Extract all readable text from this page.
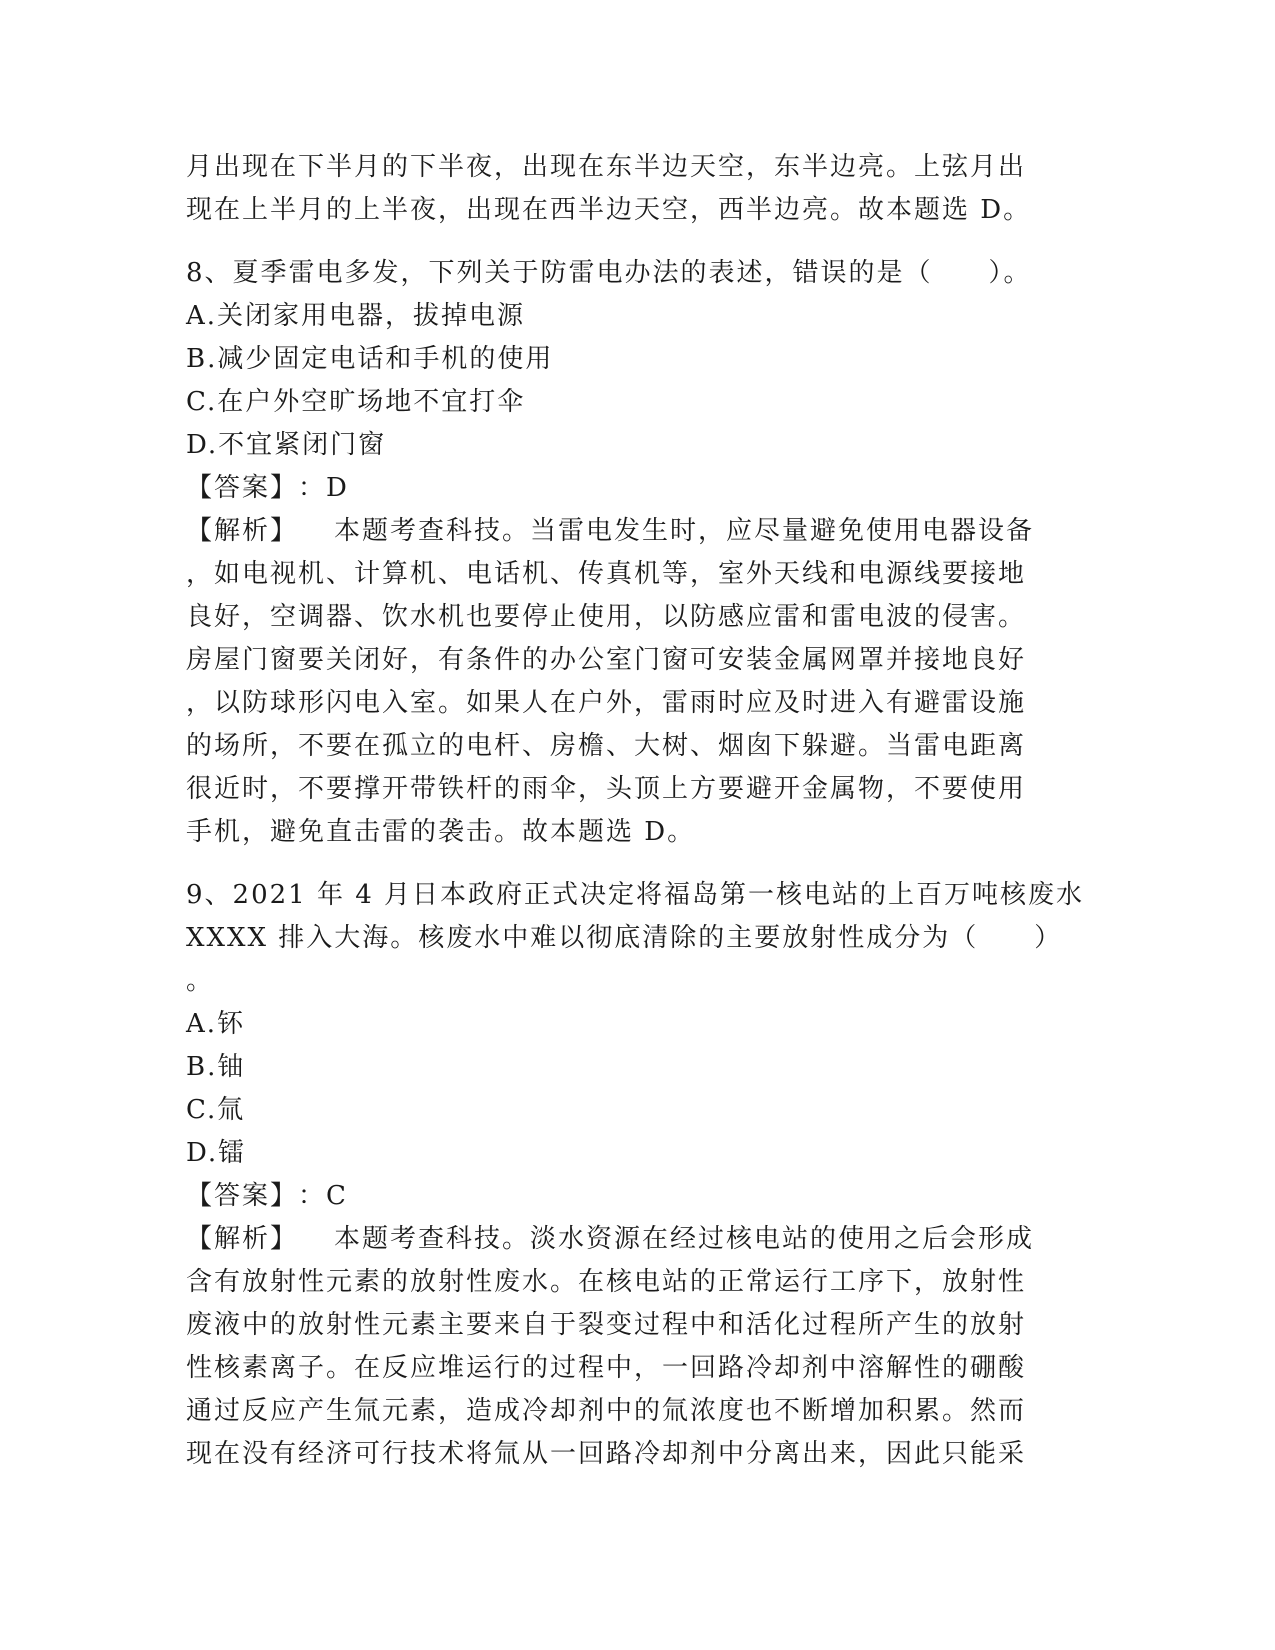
月出现在下半月的下半夜，出现在东半边天空，东半边亮。上弦月出

现在上半月的上半夜，出现在西半边天空，西半边亮。故本题选 D。

8、夏季雷电多发，下列关于防雷电办法的表述，错误的是（　　）。

A.关闭家用电器，拔掉电源

B.减少固定电话和手机的使用

C.在户外空旷场地不宜打伞

D.不宜紧闭门窗

【答案】：D

【解析】 本题考查科技。当雷电发生时，应尽量避免使用电器设备

，如电视机、计算机、电话机、传真机等，室外天线和电源线要接地

良好，空调器、饮水机也要停止使用，以防感应雷和雷电波的侵害。

房屋门窗要关闭好，有条件的办公室门窗可安装金属网罩并接地良好

，以防球形闪电入室。如果人在户外，雷雨时应及时进入有避雷设施

的场所，不要在孤立的电杆、房檐、大树、烟囱下躲避。当雷电距离

很近时，不要撑开带铁杆的雨伞，头顶上方要避开金属物，不要使用

手机，避免直击雷的袭击。故本题选 D。

9、2021 年 4 月日本政府正式决定将福岛第一核电站的上百万吨核废水

XXXX 排入大海。核废水中难以彻底清除的主要放射性成分为（　　）

。

A.钚

B.铀

C.氚

D.镭

【答案】：C

【解析】 本题考查科技。淡水资源在经过核电站的使用之后会形成

含有放射性元素的放射性废水。在核电站的正常运行工序下，放射性

废液中的放射性元素主要来自于裂变过程中和活化过程所产生的放射

性核素离子。在反应堆运行的过程中，一回路冷却剂中溶解性的硼酸

通过反应产生氚元素，造成冷却剂中的氚浓度也不断增加积累。然而

现在没有经济可行技术将氚从一回路冷却剂中分离出来，因此只能采
